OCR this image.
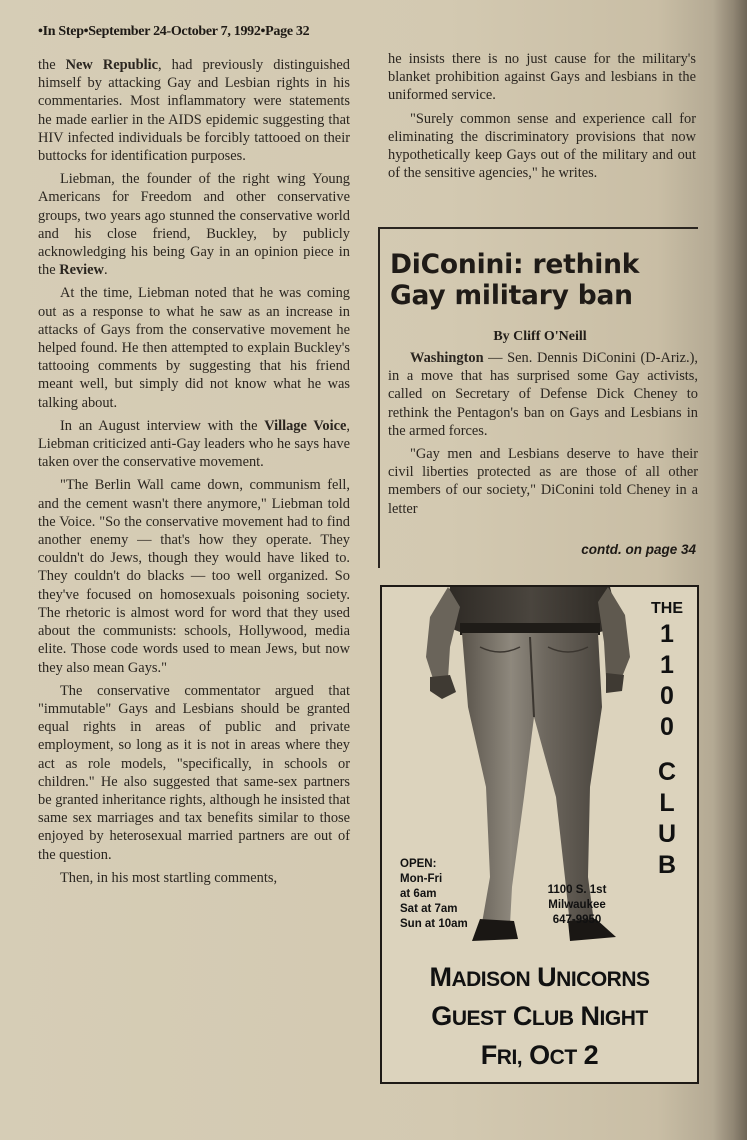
•In Step•September 24-October 7, 1992•Page 32

the New Republic, had previously distinguished himself by attacking Gay and Lesbian rights in his commentaries. Most inflammatory were statements he made earlier in the AIDS epidemic suggesting that HIV infected individuals be forcibly tattooed on their buttocks for identification purposes.

Liebman, the founder of the right wing Young Americans for Freedom and other conservative groups, two years ago stunned the conservative world and his close friend, Buckley, by publicly acknowledging his being Gay in an opinion piece in the Review.

At the time, Liebman noted that he was coming out as a response to what he saw as an increase in attacks of Gays from the conservative movement he helped found. He then attempted to explain Buckley's tattooing comments by suggesting that his friend meant well, but simply did not know what he was talking about.

In an August interview with the Village Voice, Liebman criticized anti-Gay leaders who he says have taken over the conservative movement.

"The Berlin Wall came down, communism fell, and the cement wasn't there anymore," Liebman told the Voice. "So the conservative movement had to find another enemy — that's how they operate. They couldn't do Jews, though they would have liked to. They couldn't do blacks — too well organized. So they've focused on homosexuals poisoning society. The rhetoric is almost word for word that they used about the communists: schools, Hollywood, media elite. Those code words used to mean Jews, but now they also mean Gays."

The conservative commentator argued that "immutable" Gays and Lesbians should be granted equal rights in areas of public and private employment, so long as it is not in areas where they act as role models, "specifically, in schools or children." He also suggested that same-sex partners be granted inheritance rights, although he insisted that same sex marriages and tax benefits similar to those enjoyed by heterosexual married partners are out of the question.

Then, in his most startling comments,

he insists there is no just cause for the military's blanket prohibition against Gays and lesbians in the uniformed service.

"Surely common sense and experience call for eliminating the discriminatory provisions that now hypothetically keep Gays out of the military and out of the sensitive agencies," he writes.

DiConini: rethink Gay military ban
By Cliff O'Neill

Washington — Sen. Dennis DiConini (D-Ariz.), in a move that has surprised some Gay activists, called on Secretary of Defense Dick Cheney to rethink the Pentagon's ban on Gays and Lesbians in the armed forces.

"Gay men and Lesbians deserve to have their civil liberties protected as are those of all other members of our society," DiConini told Cheney in a letter

contd. on page 34
THE
1
1
0
0
C
L
U
B
OPEN:
Mon-Fri
at 6am
Sat at 7am
Sun at 10am
1100 S. 1st
Milwaukee
647-9950
MADISON UNICORNS
GUEST CLUB NIGHT
FRI, OCT 2
